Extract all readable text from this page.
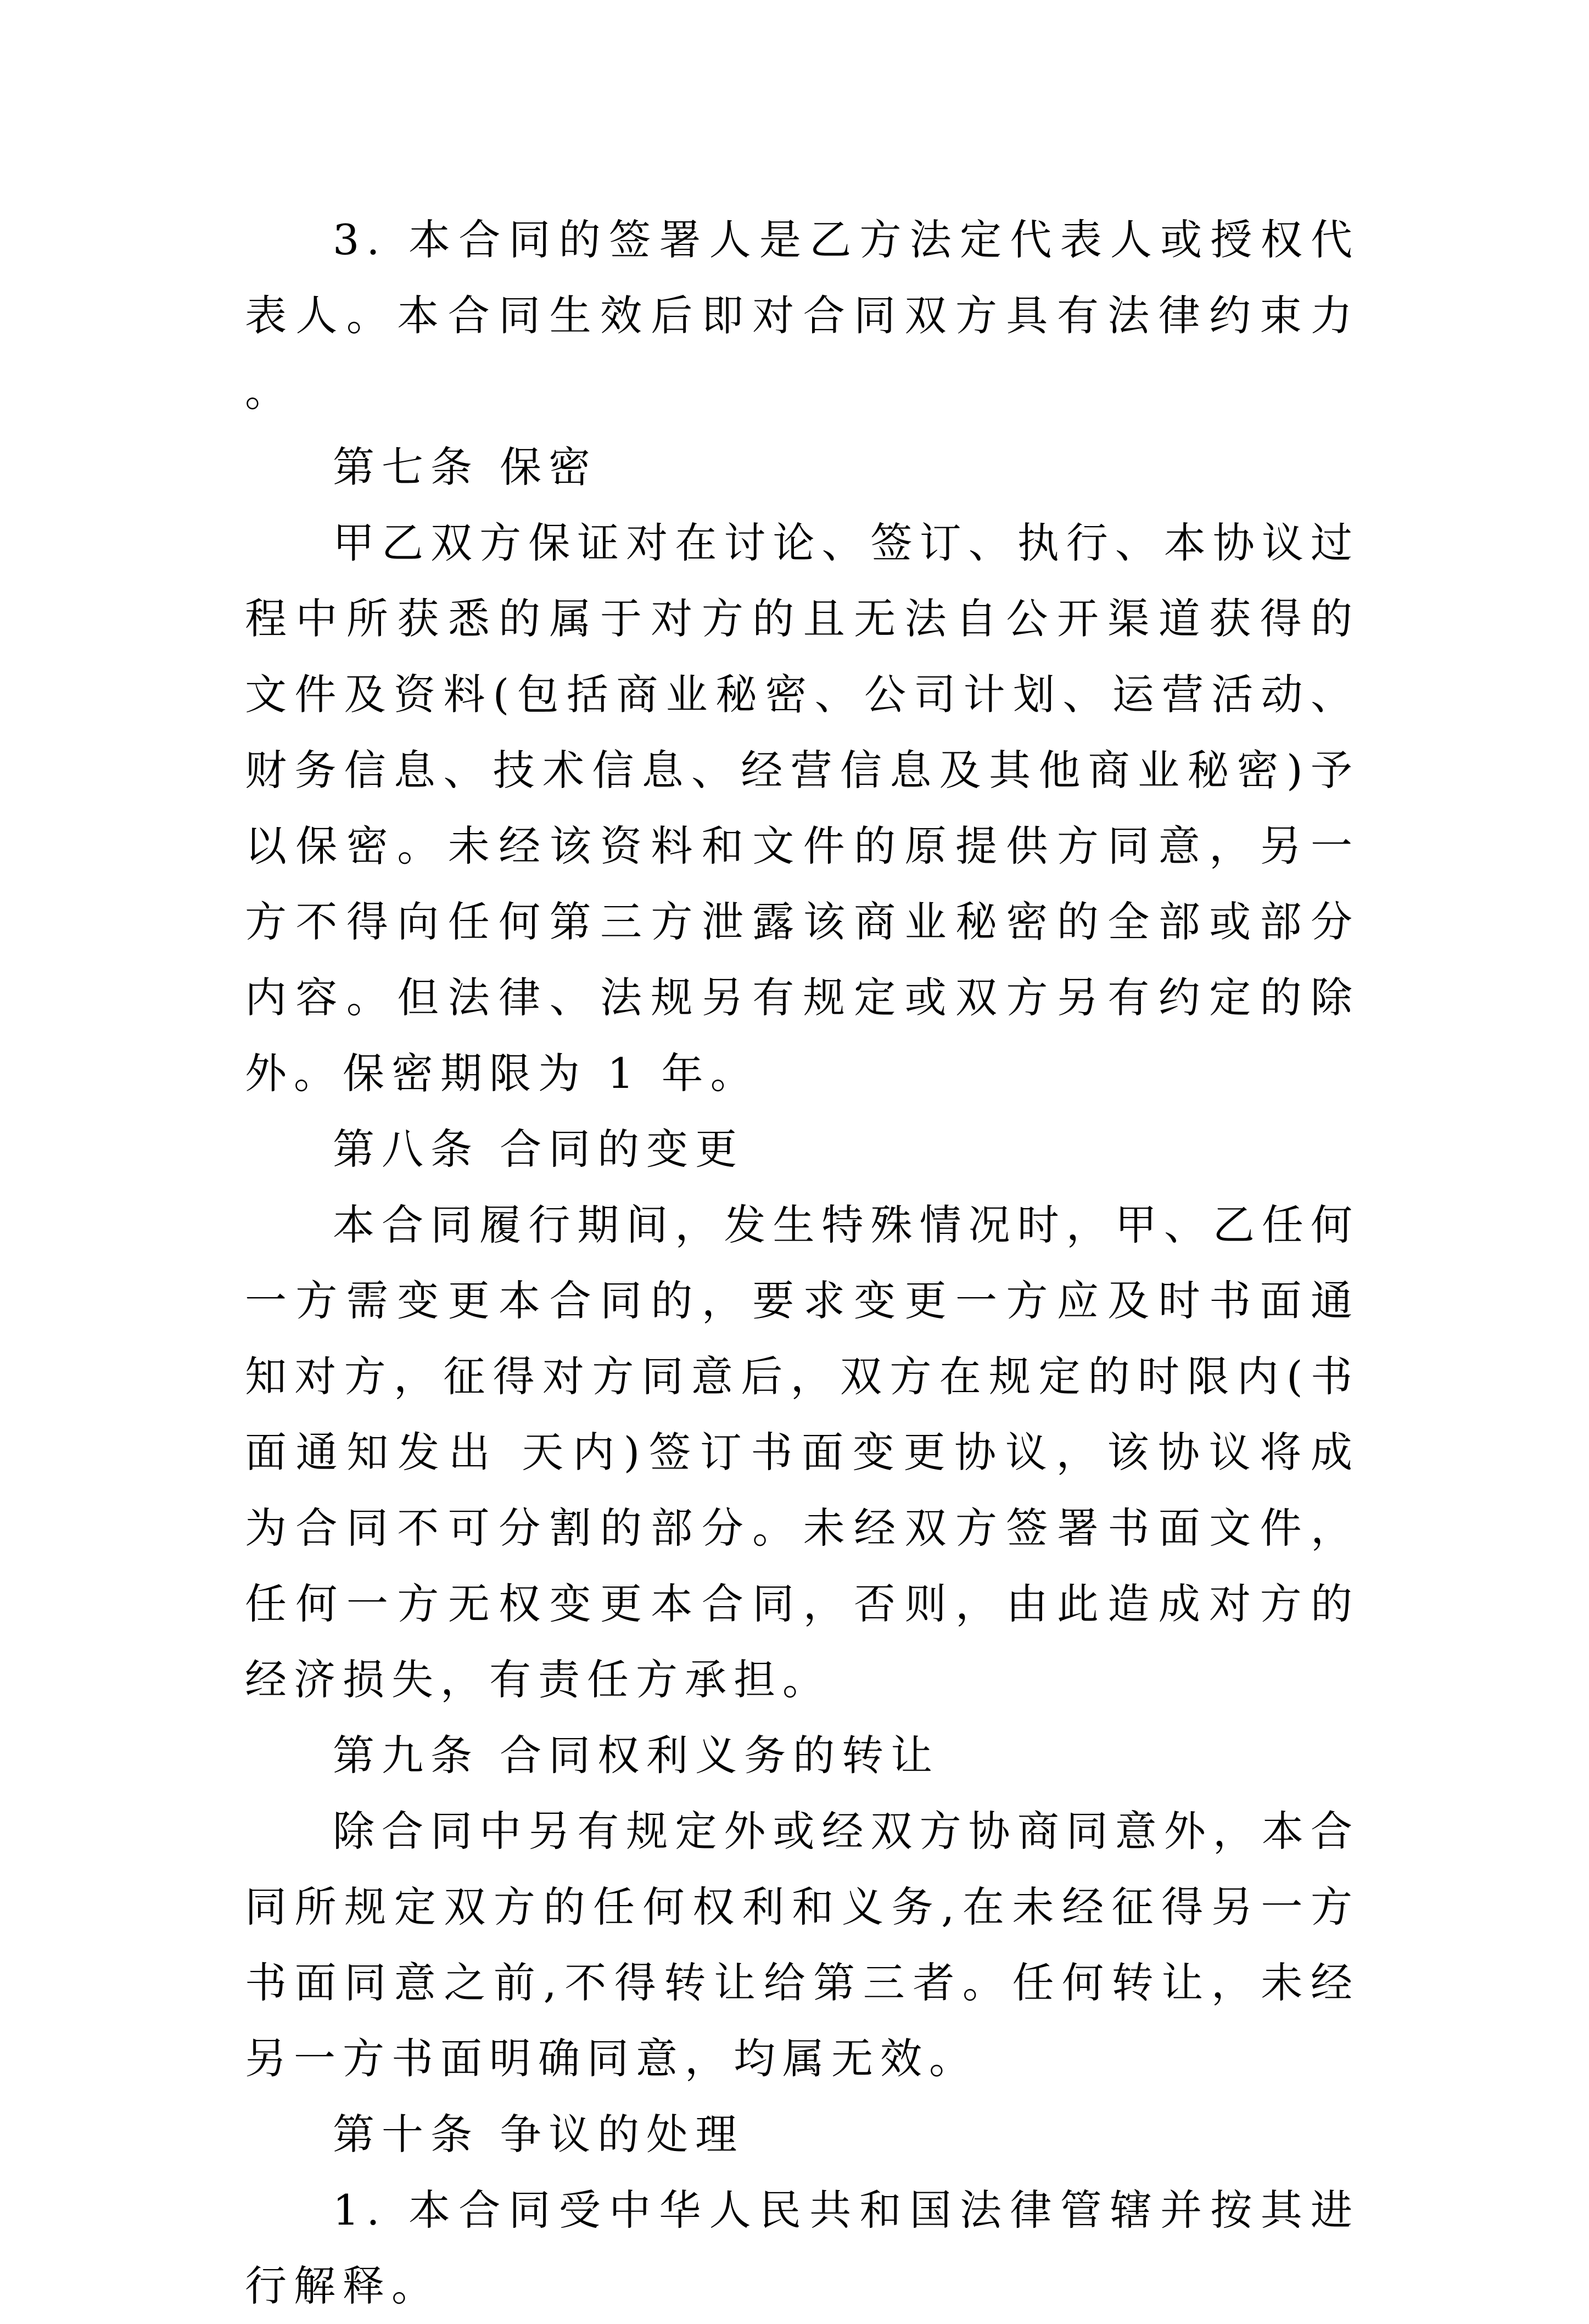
3. 本合同的签署人是乙方法定代表人或授权代表人。本合同生效后即对合同双方具有法律约束力。

第七条 保密

甲乙双方保证对在讨论、签订、执行、本协议过程中所获悉的属于对方的且无法自公开渠道获得的文件及资料(包括商业秘密、公司计划、运营活动、财务信息、技术信息、经营信息及其他商业秘密)予以保密。未经该资料和文件的原提供方同意，另一方不得向任何第三方泄露该商业秘密的全部或部分内容。但法律、法规另有规定或双方另有约定的除外。保密期限为 1 年。

第八条 合同的变更

本合同履行期间，发生特殊情况时，甲、乙任何一方需变更本合同的，要求变更一方应及时书面通知对方，征得对方同意后，双方在规定的时限内(书面通知发出 天内)签订书面变更协议，该协议将成为合同不可分割的部分。未经双方签署书面文件，任何一方无权变更本合同，否则，由此造成对方的经济损失，有责任方承担。

第九条 合同权利义务的转让

除合同中另有规定外或经双方协商同意外，本合同所规定双方的任何权利和义务,在未经征得另一方书面同意之前,不得转让给第三者。任何转让，未经另一方书面明确同意，均属无效。

第十条 争议的处理

1. 本合同受中华人民共和国法律管辖并按其进行解释。
